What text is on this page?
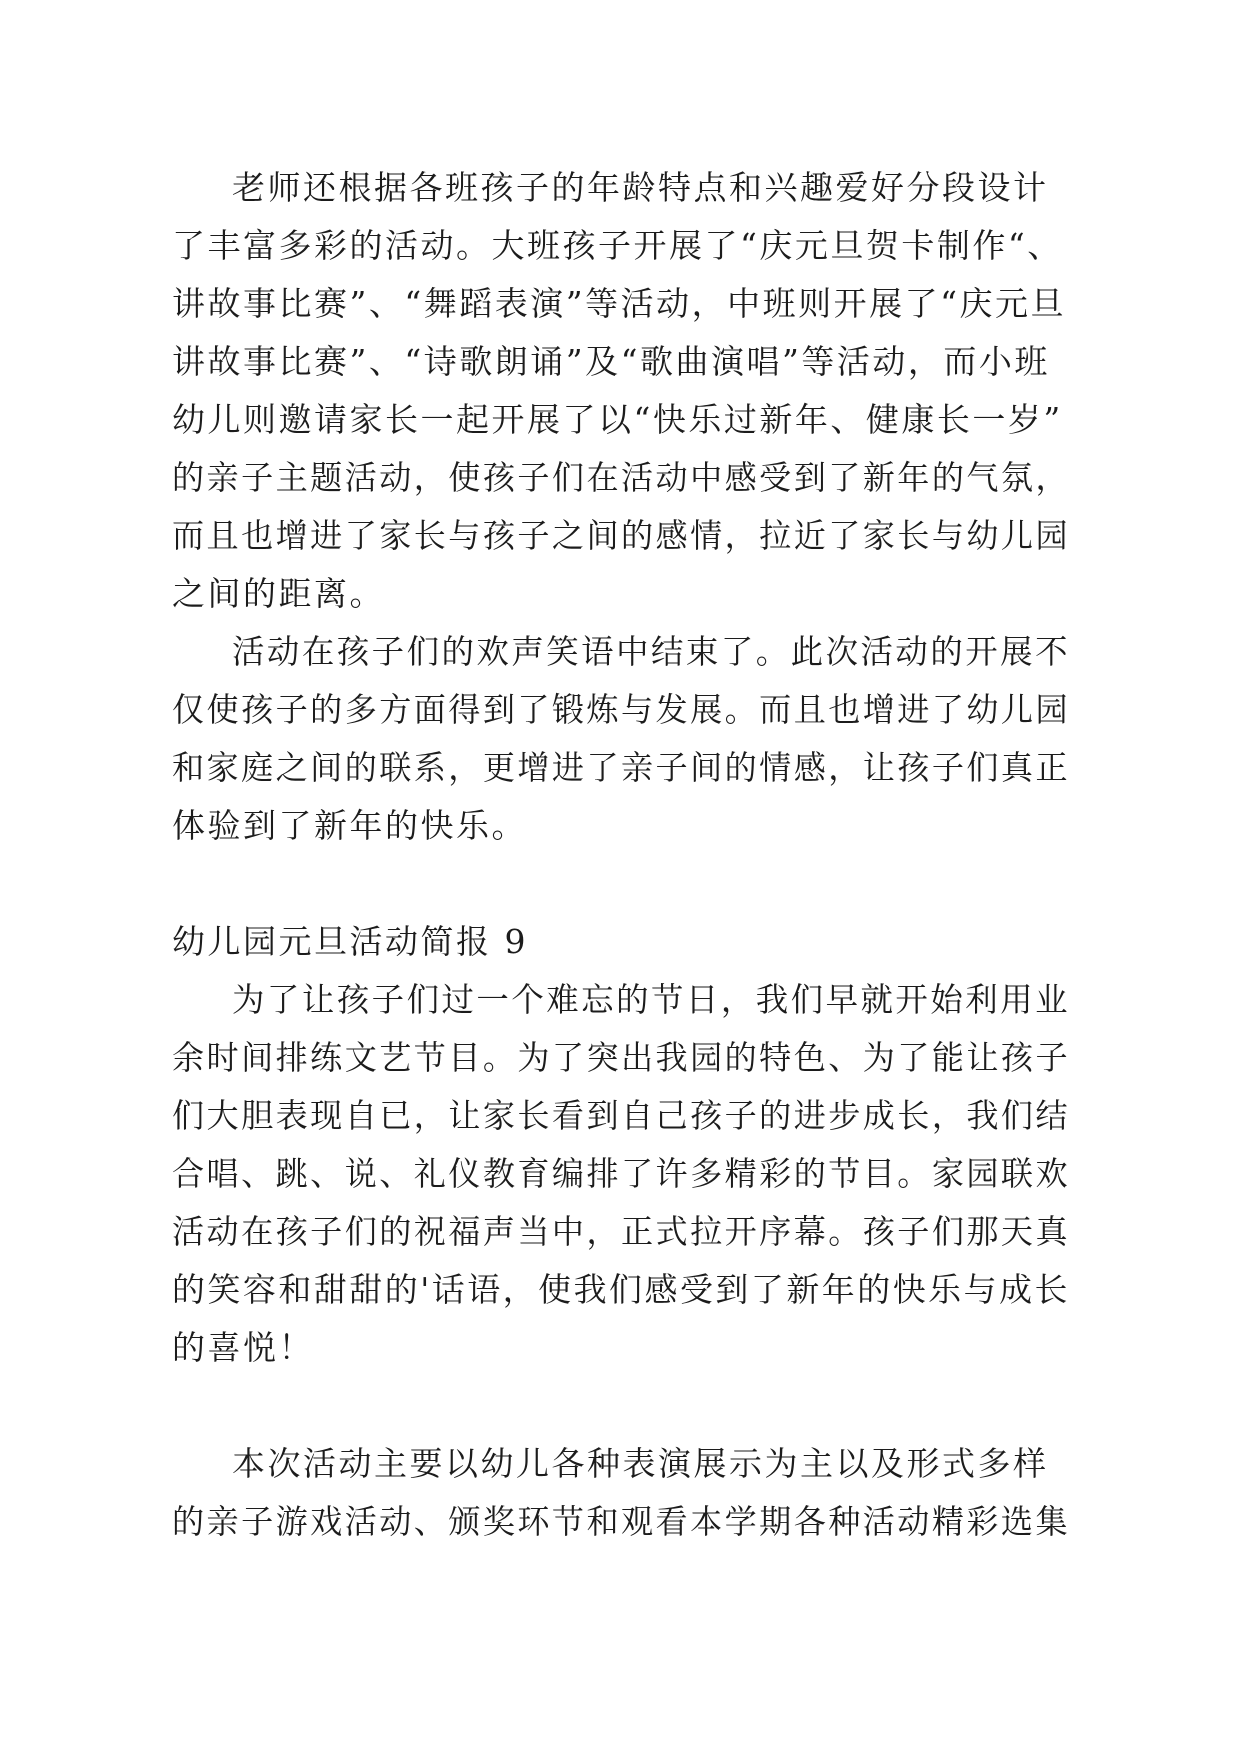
老师还根据各班孩子的年龄特点和兴趣爱好分段设计
了丰富多彩的活动。大班孩子开展了“庆元旦贺卡制作“、
讲故事比赛”、“舞蹈表演”等活动，中班则开展了“庆元旦
讲故事比赛”、“诗歌朗诵”及“歌曲演唱”等活动，而小班
幼儿则邀请家长一起开展了以“快乐过新年、健康长一岁”
的亲子主题活动，使孩子们在活动中感受到了新年的气氛，
而且也增进了家长与孩子之间的感情，拉近了家长与幼儿园
之间的距离。
活动在孩子们的欢声笑语中结束了。此次活动的开展不
仅使孩子的多方面得到了锻炼与发展。而且也增进了幼儿园
和家庭之间的联系，更增进了亲子间的情感，让孩子们真正
体验到了新年的快乐。
幼儿园元旦活动简报 9
为了让孩子们过一个难忘的节日，我们早就开始利用业
余时间排练文艺节目。为了突出我园的特色、为了能让孩子
们大胆表现自已，让家长看到自己孩子的进步成长，我们结
合唱、跳、说、礼仪教育编排了许多精彩的节目。家园联欢
活动在孩子们的祝福声当中，正式拉开序幕。孩子们那天真
的笑容和甜甜的'话语，使我们感受到了新年的快乐与成长
的喜悦！
本次活动主要以幼儿各种表演展示为主以及形式多样
的亲子游戏活动、颁奖环节和观看本学期各种活动精彩选集
